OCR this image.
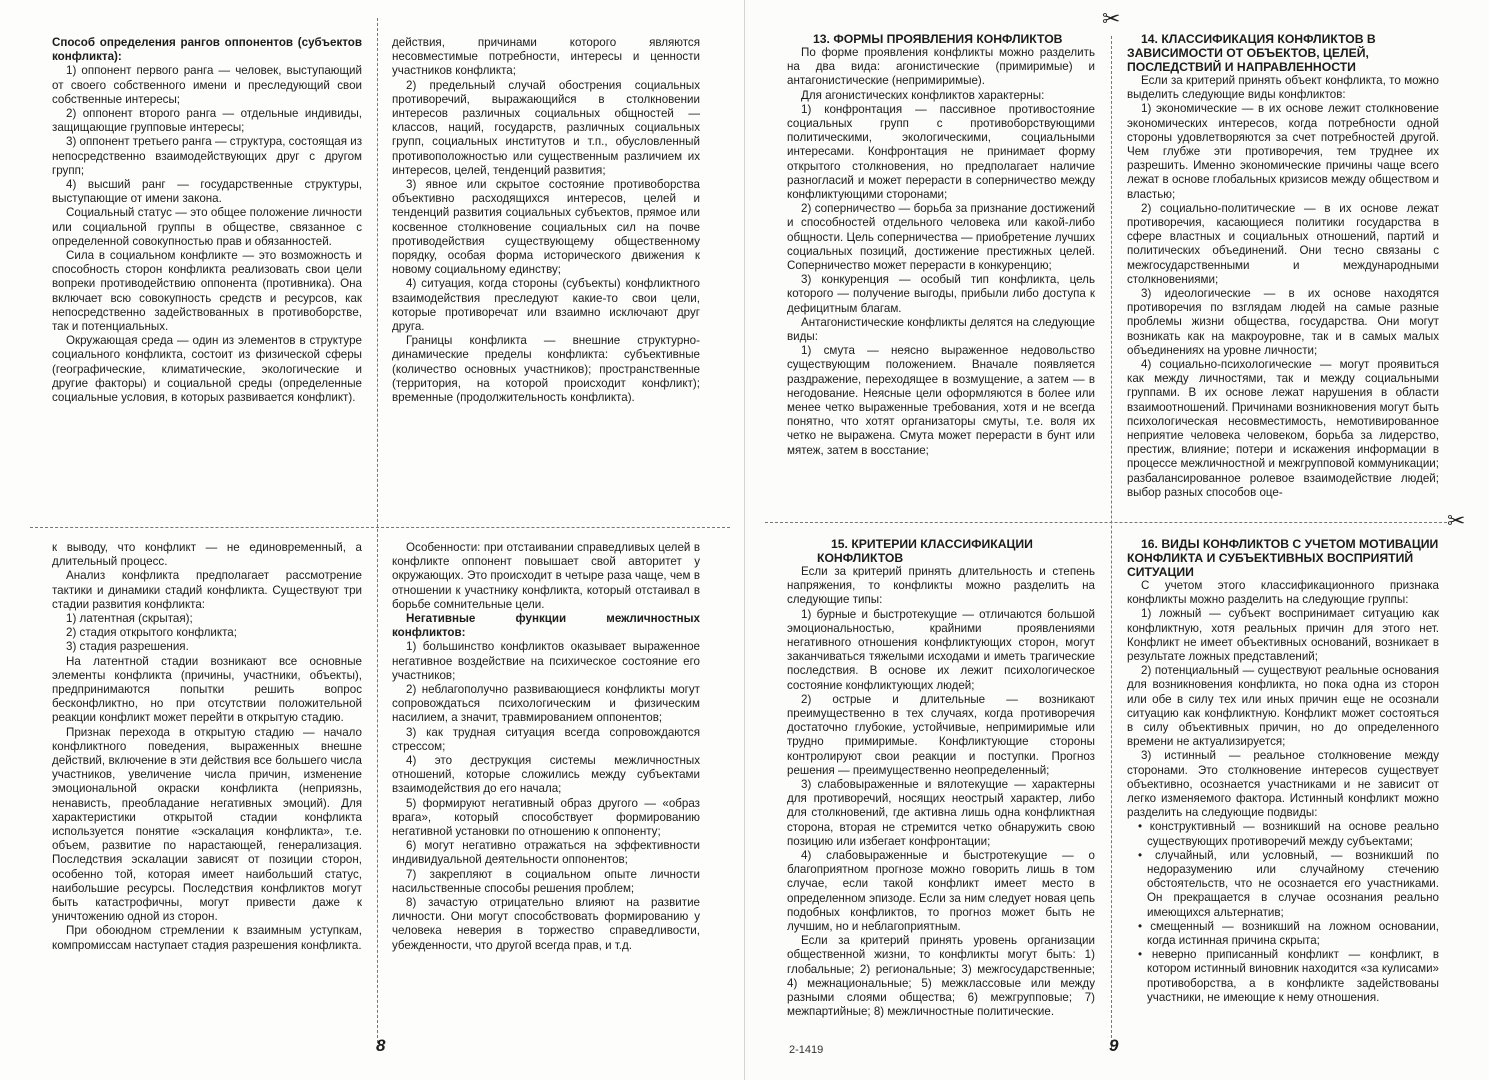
Способ определения рангов оппонентов (субъектов конфликта):

1) оппонент первого ранга — человек, выступающий от своего собственного имени и преследующий свои собственные интересы;

2) оппонент второго ранга — отдельные индивиды, защищающие групповые интересы;

3) оппонент третьего ранга — структура, состоящая из непосредственно взаимодействующих друг с другом групп;

4) высший ранг — государственные структуры, выступающие от имени закона.

Социальный статус — это общее положение личности или социальной группы в обществе, связанное с определенной совокупностью прав и обязанностей.

Сила в социальном конфликте — это возможность и способность сторон конфликта реализовать свои цели вопреки противодействию оппонента (противника). Она включает всю совокупность средств и ресурсов, как непосредственно задействованных в противоборстве, так и потенциальных.

Окружающая среда — один из элементов в структуре социального конфликта, состоит из физической сферы (географические, климатические, экологические и другие факторы) и социальной среды (определенные социальные условия, в которых развивается конфликт).

действия, причинами которого являются несовместимые потребности, интересы и ценности участников конфликта;

2) предельный случай обострения социальных противоречий, выражающийся в столкновении интересов различных социальных общностей — классов, наций, государств, различных социальных групп, социальных институтов и т.п., обусловленный противоположностью или существенным различием их интересов, целей, тенденций развития;

3) явное или скрытое состояние противоборства объективно расходящихся интересов, целей и тенденций развития социальных субъектов, прямое или косвенное столкновение социальных сил на почве противодействия существующему общественному порядку, особая форма исторического движения к новому социальному единству;

4) ситуация, когда стороны (субъекты) конфликтного взаимодействия преследуют какие-то свои цели, которые противоречат или взаимно исключают друг друга.

Границы конфликта — внешние структурно-динамические пределы конфликта: субъективные (количество основных участников); пространственные (территория, на которой происходит конфликт); временные (продолжительность конфликта).

к выводу, что конфликт — не единовременный, а длительный процесс.

Анализ конфликта предполагает рассмотрение тактики и динамики стадий конфликта. Существуют три стадии развития конфликта:

1) латентная (скрытая);

2) стадия открытого конфликта;

3) стадия разрешения.

На латентной стадии возникают все основные элементы конфликта (причины, участники, объекты), предпринимаются попытки решить вопрос бесконфликтно, но при отсутствии положительной реакции конфликт может перейти в открытую стадию.

Признак перехода в открытую стадию — начало конфликтного поведения, выраженных внешне действий, включение в эти действия все большего числа участников, увеличение числа причин, изменение эмоциональной окраски конфликта (неприязнь, ненависть, преобладание негативных эмоций). Для характеристики открытой стадии конфликта используется понятие «эскалация конфликта», т.е. объем, развитие по нарастающей, генерализация. Последствия эскалации зависят от позиции сторон, особенно той, которая имеет наибольший статус, наибольшие ресурсы. Последствия конфликтов могут быть катастрофичны, могут привести даже к уничтожению одной из сторон.

При обоюдном стремлении к взаимным уступкам, компромиссам наступает стадия разрешения конфликта.

Особенности: при отстаивании справедливых целей в конфликте оппонент повышает свой авторитет у окружающих. Это происходит в четыре раза чаще, чем в отношении к участнику конфликта, который отстаивал в борьбе сомнительные цели.

Негативные функции межличностных конфликтов:

1) большинство конфликтов оказывает выраженное негативное воздействие на психическое состояние его участников;

2) неблагополучно развивающиеся конфликты могут сопровождаться психологическим и физическим насилием, а значит, травмированием оппонентов;

3) как трудная ситуация всегда сопровождаются стрессом;

4) это деструкция системы межличностных отношений, которые сложились между субъектами взаимодействия до его начала;

5) формируют негативный образ другого — «образ врага», который способствует формированию негативной установки по отношению к оппоненту;

6) могут негативно отражаться на эффективности индивидуальной деятельности оппонентов;

7) закрепляют в социальном опыте личности насильственные способы решения проблем;

8) зачастую отрицательно влияют на развитие личности. Они могут способствовать формированию у человека неверия в торжество справедливости, убежденности, что другой всегда прав, и т.д.

8

13. ФОРМЫ ПРОЯВЛЕНИЯ КОНФЛИКТОВ

По форме проявления конфликты можно разделить на два вида: агонистические (примиримые) и антагонистические (непримиримые).

Для агонистических конфликтов характерны:

1) конфронтация — пассивное противостояние социальных групп с противоборствующими политическими, экологическими, социальными интересами. Конфронтация не принимает форму открытого столкновения, но предполагает наличие разногласий и может перерасти в соперничество между конфликтующими сторонами;

2) соперничество — борьба за признание достижений и способностей отдельного человека или какой-либо общности. Цель соперничества — приобретение лучших социальных позиций, достижение престижных целей. Соперничество может перерасти в конкуренцию;

3) конкуренция — особый тип конфликта, цель которого — получение выгоды, прибыли либо доступа к дефицитным благам.

Антагонистические конфликты делятся на следующие виды:

1) смута — неясно выраженное недовольство существующим положением. Вначале появляется раздражение, переходящее в возмущение, а затем — в негодование. Неясные цели оформляются в более или менее четко выраженные требования, хотя и не всегда понятно, что хотят организаторы смуты, т.е. воля их четко не выражена. Смута может перерасти в бунт или мятеж, затем в восстание;

✂

14. КЛАССИФИКАЦИЯ КОНФЛИКТОВ В ЗАВИСИМОСТИ ОТ ОБЪЕКТОВ, ЦЕЛЕЙ, ПОСЛЕДСТВИЙ И НАПРАВЛЕННОСТИ

Если за критерий принять объект конфликта, то можно выделить следующие виды конфликтов:

1) экономические — в их основе лежит столкновение экономических интересов, когда потребности одной стороны удовлетворяются за счет потребностей другой. Чем глубже эти противоречия, тем труднее их разрешить. Именно экономические причины чаще всего лежат в основе глобальных кризисов между обществом и властью;

2) социально-политические — в их основе лежат противоречия, касающиеся политики государства в сфере властных и социальных отношений, партий и политических объединений. Они тесно связаны с межгосударственными и международными столкновениями;

3) идеологические — в их основе находятся противоречия по взглядам людей на самые разные проблемы жизни общества, государства. Они могут возникать как на макроуровне, так и в самых малых объединениях на уровне личности;

4) социально-психологические — могут проявиться как между личностями, так и между социальными группами. В их основе лежат нарушения в области взаимоотношений. Причинами возникновения могут быть психологическая несовместимость, немотивированное неприятие человека человеком, борьба за лидерство, престиж, влияние; потери и искажения информации в процессе межличностной и межгрупповой коммуникации; разбалансированное ролевое взаимодействие людей; выбор разных способов оце-

✂

15. КРИТЕРИИ КЛАССИФИКАЦИИ КОНФЛИКТОВ

Если за критерий принять длительность и степень напряжения, то конфликты можно разделить на следующие типы:

1) бурные и быстротекущие — отличаются большой эмоциональностью, крайними проявлениями негативного отношения конфликтующих сторон, могут заканчиваться тяжелыми исходами и иметь трагические последствия. В основе их лежит психологическое состояние конфликтующих людей;

2) острые и длительные — возникают преимущественно в тех случаях, когда противоречия достаточно глубокие, устойчивые, непримиримые или трудно примиримые. Конфликтующие стороны контролируют свои реакции и поступки. Прогноз решения — преимущественно неопределенный;

3) слабовыраженные и вялотекущие — характерны для противоречий, носящих неострый характер, либо для столкновений, где активна лишь одна конфликтная сторона, вторая не стремится четко обнаружить свою позицию или избегает конфронтации;

4) слабовыраженные и быстротекущие — о благоприятном прогнозе можно говорить лишь в том случае, если такой конфликт имеет место в определенном эпизоде. Если за ним следует новая цепь подобных конфликтов, то прогноз может быть не лучшим, но и неблагоприятным.

Если за критерий принять уровень организации общественной жизни, то конфликты могут быть: 1) глобальные; 2) региональные; 3) межгосударственные; 4) межнациональные; 5) межклассовые или между разными слоями общества; 6) межгрупповые; 7) межпартийные; 8) межличностные политические.

16. ВИДЫ КОНФЛИКТОВ С УЧЕТОМ МОТИВАЦИИ КОНФЛИКТА И СУБЪЕКТИВНЫХ ВОСПРИЯТИЙ СИТУАЦИИ

С учетом этого классификационного признака конфликты можно разделить на следующие группы:

1) ложный — субъект воспринимает ситуацию как конфликтную, хотя реальных причин для этого нет. Конфликт не имеет объективных оснований, возникает в результате ложных представлений;

2) потенциальный — существуют реальные основания для возникновения конфликта, но пока одна из сторон или обе в силу тех или иных причин еще не осознали ситуацию как конфликтную. Конфликт может состояться в силу объективных причин, но до определенного времени не актуализируется;

3) истинный — реальное столкновение между сторонами. Это столкновение интересов существует объективно, осознается участниками и не зависит от легко изменяемого фактора. Истинный конфликт можно разделить на следующие подвиды:

• конструктивный — возникший на основе реально существующих противоречий между субъектами;

• случайный, или условный, — возникший по недоразумению или случайному стечению обстоятельств, что не осознается его участниками. Он прекращается в случае осознания реально имеющихся альтернатив;

• смещенный — возникший на ложном основании, когда истинная причина скрыта;

• неверно приписанный конфликт — конфликт, в котором истинный виновник находится «за кулисами» противоборства, а в конфликте задействованы участники, не имеющие к нему отношения.

2-1419	9
